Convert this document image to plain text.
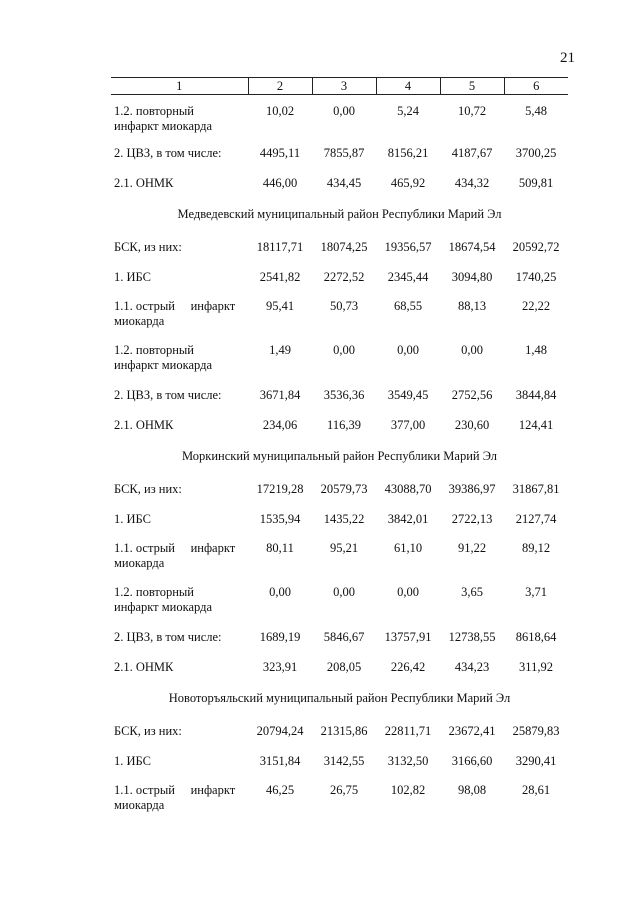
21
1	2	3	4	5	6

1.2. повторный
инфаркт миокарда	10,02	0,00	5,24	10,72	5,48

2. ЦВЗ, в том числе:	4495,11	7855,87	8156,21	4187,67	3700,25

2.1. ОНМК	446,00	434,45	465,92	434,32	509,81
Медведевский муниципальный район Республики Марий Эл					

БСК, из них:	18117,71	18074,25	19356,57	18674,54	20592,72

1. ИБС	2541,82	2272,52	2345,44	3094,80	1740,25

1.1. острый     инфаркт
миокарда	95,41	50,73	68,55	88,13	22,22

1.2. повторный
инфаркт миокарда	1,49	0,00	0,00	0,00	1,48

2. ЦВЗ, в том числе:	3671,84	3536,36	3549,45	2752,56	3844,84

2.1. ОНМК	234,06	116,39	377,00	230,60	124,41
Моркинский муниципальный район Республики Марий Эл					

БСК, из них:	17219,28	20579,73	43088,70	39386,97	31867,81

1. ИБС	1535,94	1435,22	3842,01	2722,13	2127,74

1.1. острый     инфаркт
миокарда	80,11	95,21	61,10	91,22	89,12

1.2. повторный
инфаркт миокарда	0,00	0,00	0,00	3,65	3,71

2. ЦВЗ, в том числе:	1689,19	5846,67	13757,91	12738,55	8618,64

2.1. ОНМК	323,91	208,05	226,42	434,23	311,92
Новоторъяльский муниципальный район Республики Марий Эл					

БСК, из них:	20794,24	21315,86	22811,71	23672,41	25879,83

1. ИБС	3151,84	3142,55	3132,50	3166,60	3290,41

1.1. острый     инфаркт
миокарда	46,25	26,75	102,82	98,08	28,61
